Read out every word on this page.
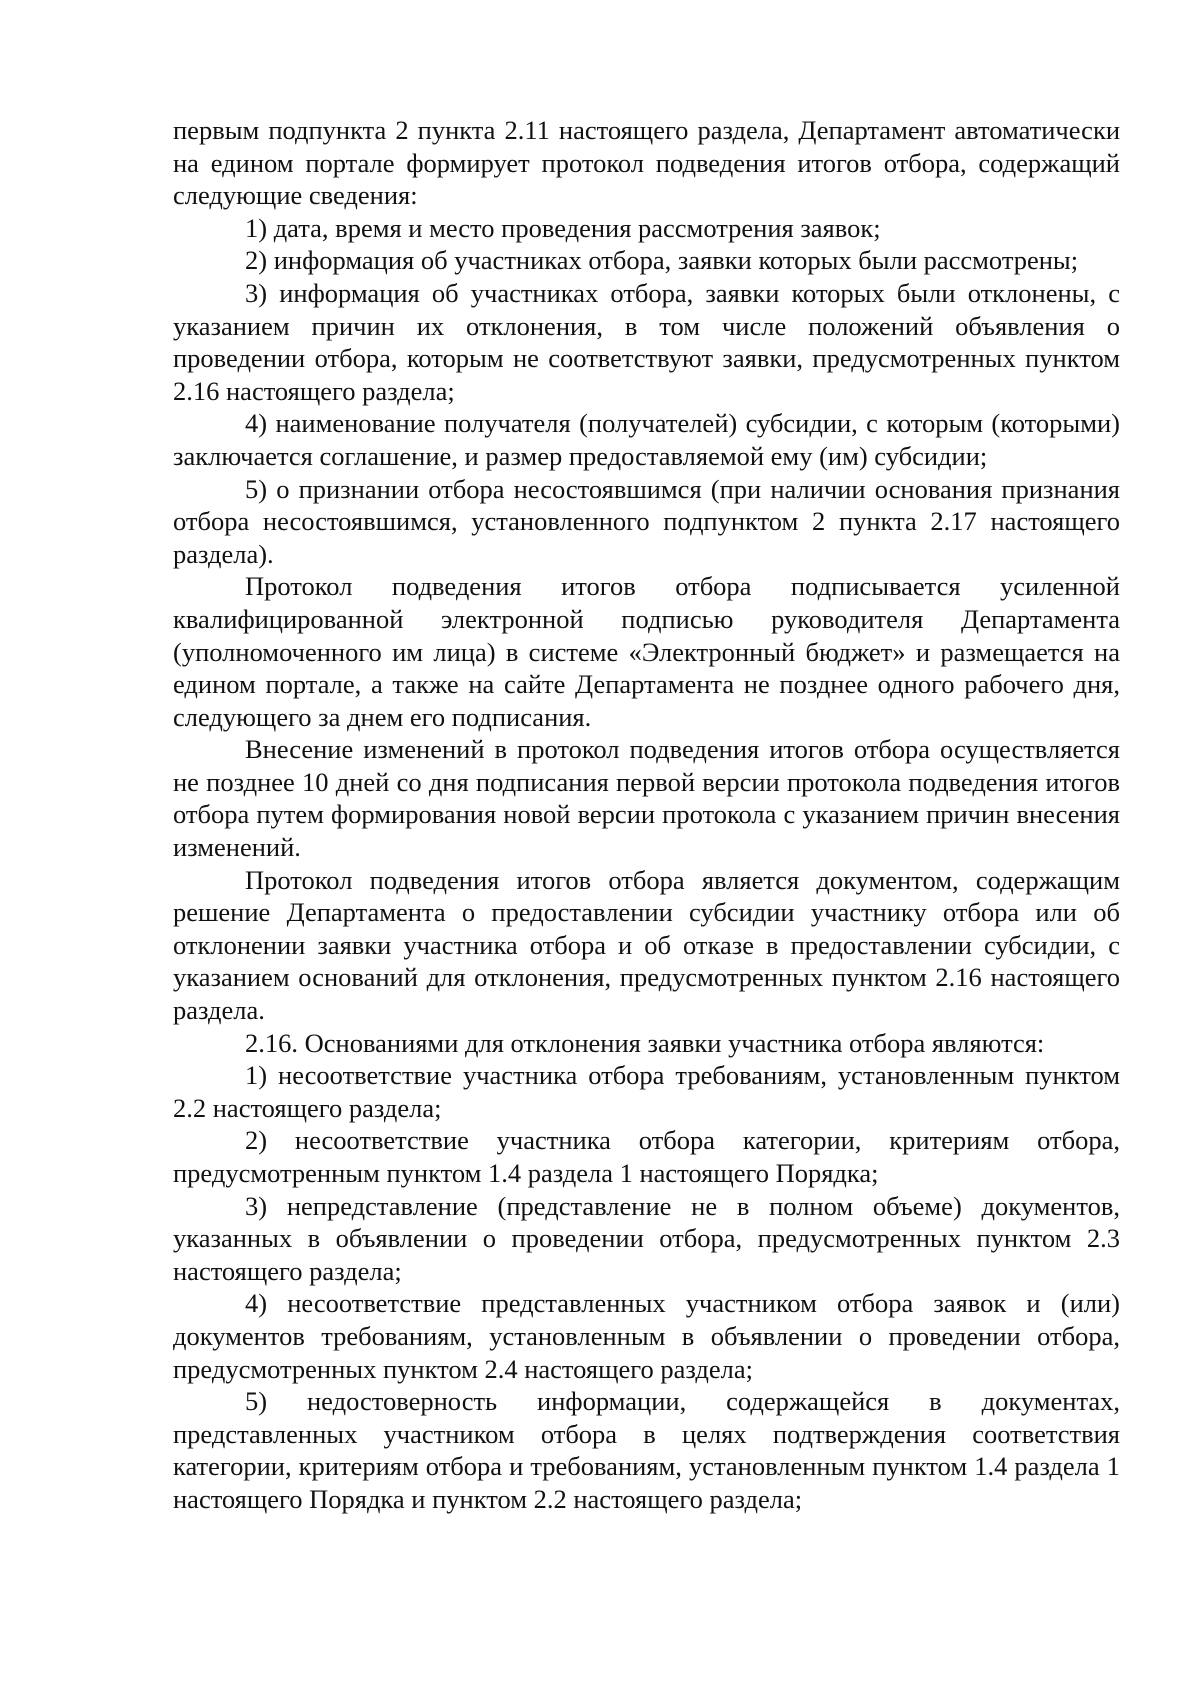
первым подпункта 2 пункта 2.11 настоящего раздела, Департамент автоматически на едином портале формирует протокол подведения итогов отбора, содержащий следующие сведения:

1) дата, время и место проведения рассмотрения заявок;

2) информация об участниках отбора, заявки которых были рассмотрены;

3) информация об участниках отбора, заявки которых были отклонены, с указанием причин их отклонения, в том числе положений объявления о проведении отбора, которым не соответствуют заявки, предусмотренных пунктом 2.16 настоящего раздела;

4) наименование получателя (получателей) субсидии, с которым (которыми) заключается соглашение, и размер предоставляемой ему (им) субсидии;

5) о признании отбора несостоявшимся (при наличии основания признания отбора несостоявшимся, установленного подпунктом 2 пункта 2.17 настоящего раздела).

Протокол подведения итогов отбора подписывается усиленной квалифицированной электронной подписью руководителя Департамента (уполномоченного им лица) в системе «Электронный бюджет» и размещается на едином портале, а также на сайте Департамента не позднее одного рабочего дня, следующего за днем его подписания.

Внесение изменений в протокол подведения итогов отбора осуществляется не позднее 10 дней со дня подписания первой версии протокола подведения итогов отбора путем формирования новой версии протокола с указанием причин внесения изменений.

Протокол подведения итогов отбора является документом, содержащим решение Департамента о предоставлении субсидии участнику отбора или об отклонении заявки участника отбора и об отказе в предоставлении субсидии, с указанием оснований для отклонения, предусмотренных пунктом 2.16 настоящего раздела.

2.16. Основаниями для отклонения заявки участника отбора являются:

1) несоответствие участника отбора требованиям, установленным пунктом 2.2 настоящего раздела;

2) несоответствие участника отбора категории, критериям отбора, предусмотренным пунктом 1.4 раздела 1 настоящего Порядка;

3) непредставление (представление не в полном объеме) документов, указанных в объявлении о проведении отбора, предусмотренных пунктом 2.3 настоящего раздела;

4) несоответствие представленных участником отбора заявок и (или) документов требованиям, установленным в объявлении о проведении отбора, предусмотренных пунктом 2.4 настоящего раздела;

5) недостоверность информации, содержащейся в документах, представленных участником отбора в целях подтверждения соответствия категории, критериям отбора и требованиям, установленным пунктом 1.4 раздела 1 настоящего Порядка и пунктом 2.2 настоящего раздела;
